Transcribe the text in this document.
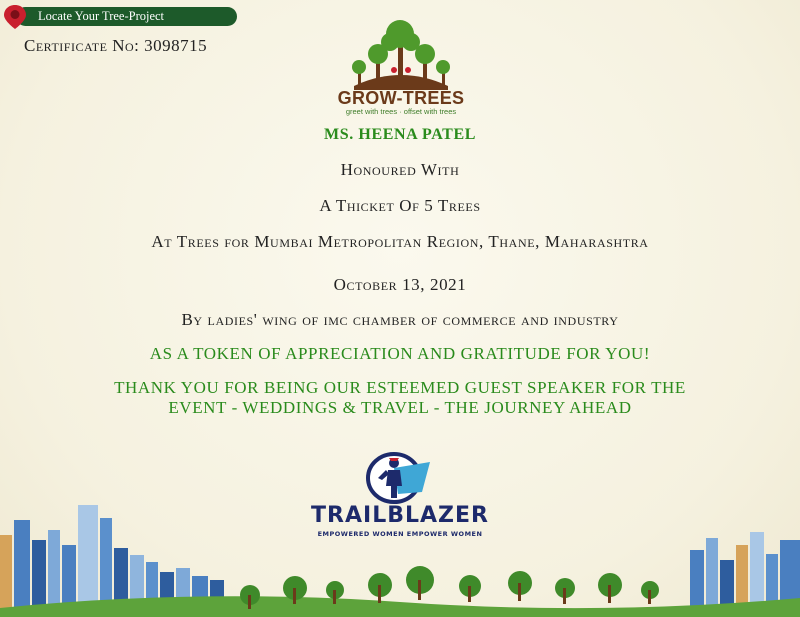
Locate Your Tree-Project
Certificate No: 3098715
GROW-TREES
greet with trees · offset with trees
MS. HEENA PATEL
Honoured With
A Thicket Of 5 Trees
At Trees for Mumbai Metropolitan Region, Thane, Maharashtra
October 13, 2021
By ladies' wing of imc chamber of commerce and industry
AS A TOKEN OF APPRECIATION AND GRATITUDE FOR YOU!
THANK YOU FOR BEING OUR ESTEEMED GUEST SPEAKER FOR THE EVENT - WEDDINGS & TRAVEL - THE JOURNEY AHEAD
TRAILBLAZER
EMPOWERED WOMEN EMPOWER WOMEN
